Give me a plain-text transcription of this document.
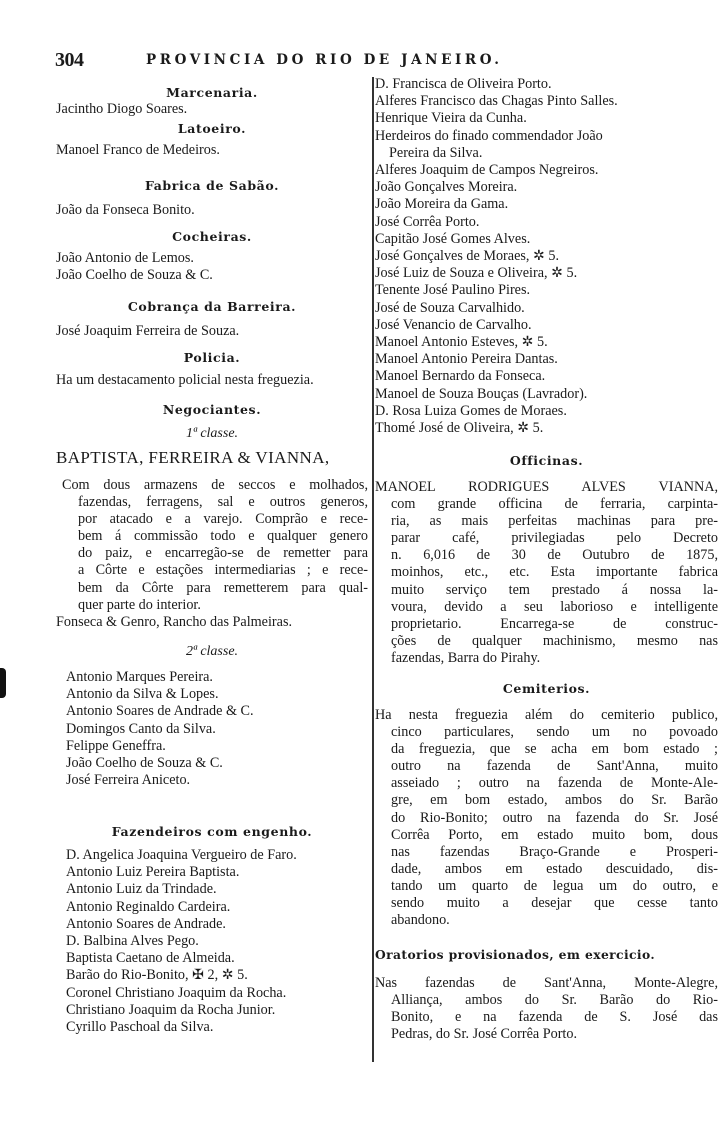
304	PROVINCIA DO RIO DE JANEIRO.
Marcenaria.
Jacintho Diogo Soares.
Latoeiro.
Manoel Franco de Medeiros.
Fabrica de Sabão.
João da Fonseca Bonito.
Cocheiras.
João Antonio de Lemos.
João Coelho de Souza & C.
Cobrança da Barreira.
José Joaquim Ferreira de Souza.
Policia.
Ha um destacamento policial nesta freguezia.
Negociantes.
1ª classe.
BAPTISTA, FERREIRA & VIANNA,
Com dous armazens de seccos e molhados,
fazendas, ferragens, sal e outros generos,
por atacado e a varejo. Comprão e rece-
bem á commissão todo e qualquer genero
do paiz, e encarregão-se de remetter para
a Côrte e estações intermediarias ; e rece-
bem da Côrte para remetterem para qual-
quer parte do interior.
Fonseca & Genro, Rancho das Palmeiras.
2ª classe.
Antonio Marques Pereira.
Antonio da Silva & Lopes.
Antonio Soares de Andrade & C.
Domingos Canto da Silva.
Felippe Geneffra.
João Coelho de Souza & C.
José Ferreira Aniceto.
Fazendeiros com engenho.
D. Angelica Joaquina Vergueiro de Faro.
Antonio Luiz Pereira Baptista.
Antonio Luiz da Trindade.
Antonio Reginaldo Cardeira.
Antonio Soares de Andrade.
D. Balbina Alves Pego.
Baptista Caetano de Almeida.
Barão do Rio-Bonito, ✠ 2, ✲ 5.
Coronel Christiano Joaquim da Rocha.
Christiano Joaquim da Rocha Junior.
Cyrillo Paschoal da Silva.
D. Francisca de Oliveira Porto.
Alferes Francisco das Chagas Pinto Salles.
Henrique Vieira da Cunha.
Herdeiros do finado commendador João
Pereira da Silva.
Alferes Joaquim de Campos Negreiros.
João Gonçalves Moreira.
João Moreira da Gama.
José Corrêa Porto.
Capitão José Gomes Alves.
José Gonçalves de Moraes, ✲ 5.
José Luiz de Souza e Oliveira, ✲ 5.
Tenente José Paulino Pires.
José de Souza Carvalhido.
José Venancio de Carvalho.
Manoel Antonio Esteves, ✲ 5.
Manoel Antonio Pereira Dantas.
Manoel Bernardo da Fonseca.
Manoel de Souza Bouças (Lavrador).
D. Rosa Luiza Gomes de Moraes.
Thomé José de Oliveira, ✲ 5.
Officinas.
MANOEL RODRIGUES ALVES VIANNA,
com grande officina de ferraria, carpinta-
ria, as mais perfeitas machinas para pre-
parar café, privilegiadas pelo Decreto
n. 6,016 de 30 de Outubro de 1875,
moinhos, etc., etc. Esta importante fabrica
muito serviço tem prestado á nossa la-
voura, devido a seu laborioso e intelligente
proprietario. Encarrega-se de construc-
ções de qualquer machinismo, mesmo nas
fazendas, Barra do Pirahy.
Cemiterios.
Ha nesta freguezia além do cemiterio publico,
cinco particulares, sendo um no povoado
da freguezia, que se acha em bom estado ;
outro na fazenda de Sant'Anna, muito
asseiado ; outro na fazenda de Monte-Ale-
gre, em bom estado, ambos do Sr. Barão
do Rio-Bonito; outro na fazenda do Sr. José
Corrêa Porto, em estado muito bom, dous
nas fazendas Braço-Grande e Prosperi-
dade, ambos em estado descuidado, dis-
tando um quarto de legua um do outro, e
sendo muito a desejar que cesse tanto
abandono.
Oratorios provisionados, em exercicio.
Nas fazendas de Sant'Anna, Monte-Alegre,
Alliança, ambos do Sr. Barão do Rio-
Bonito, e na fazenda de S. José das
Pedras, do Sr. José Corrêa Porto.
